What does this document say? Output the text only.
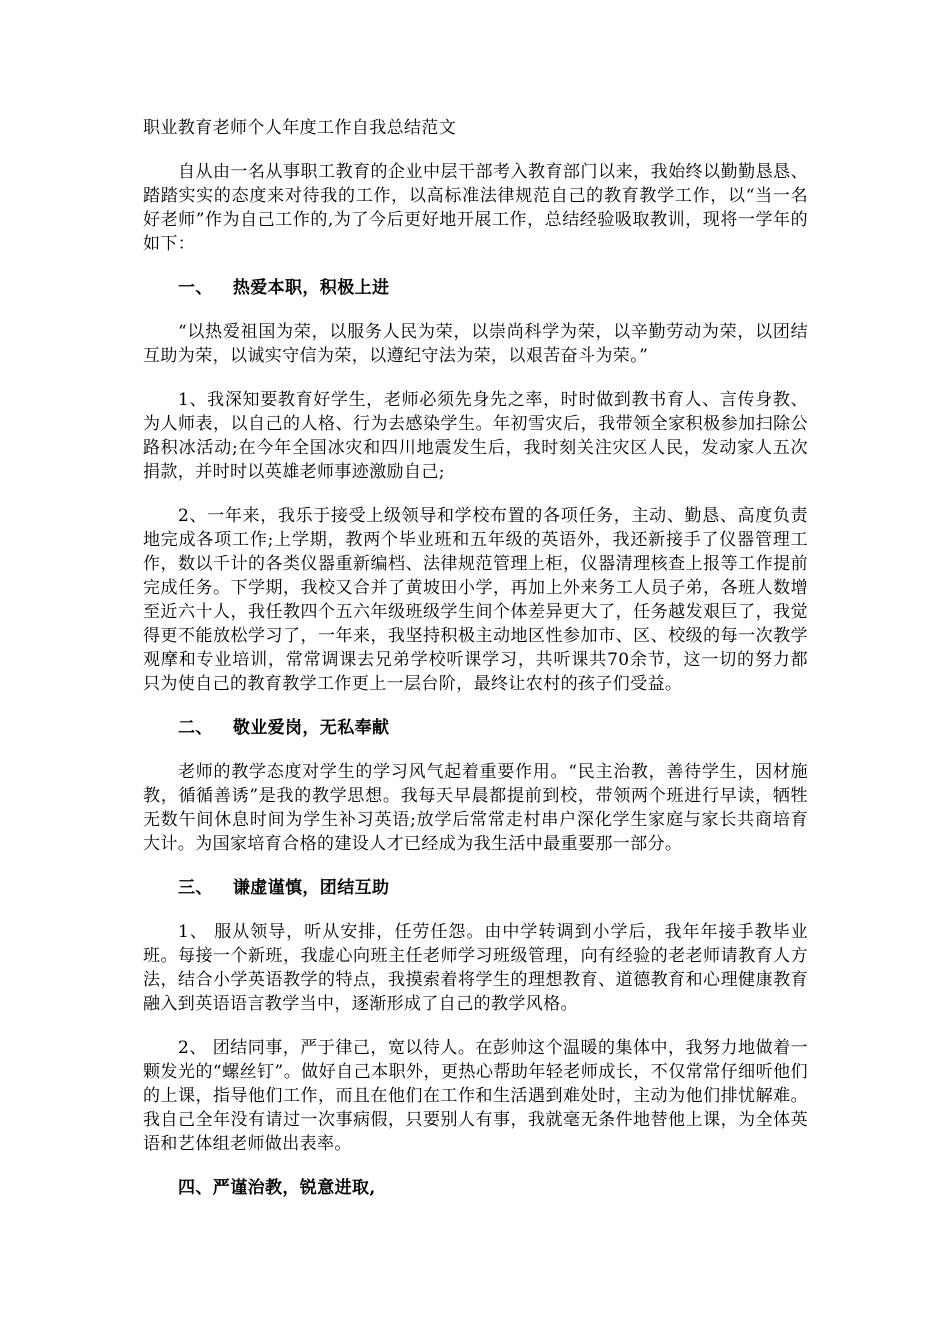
职业教育老师个人年度工作自我总结范文

自从由一名从事职工教育的企业中层干部考入教育部门以来，我始终以勤勤恳恳、踏踏实实的态度来对待我的工作，以高标准法律规范自己的教育教学工作，以“当一名好老师”作为自己工作的,为了今后更好地开展工作，总结经验吸取教训，现将一学年的如下：

一、 热爱本职，积极上进

“以热爱祖国为荣，以服务人民为荣，以崇尚科学为荣，以辛勤劳动为荣，以团结互助为荣，以诚实守信为荣，以遵纪守法为荣，以艰苦奋斗为荣。”

1、我深知要教育好学生，老师必须先身先之率，时时做到教书育人、言传身教、为人师表，以自己的人格、行为去感染学生。年初雪灾后，我带领全家积极参加扫除公路积冰活动;在今年全国冰灾和四川地震发生后，我时刻关注灾区人民，发动家人五次捐款，并时时以英雄老师事迹激励自己;

2、一年来，我乐于接受上级领导和学校布置的各项任务，主动、勤恳、高度负责地完成各项工作;上学期，教两个毕业班和五年级的英语外，我还新接手了仪器管理工作，数以千计的各类仪器重新编档、法律规范管理上柜，仪器清理核查上报等工作提前完成任务。下学期，我校又合并了黄坡田小学，再加上外来务工人员子弟，各班人数增至近六十人，我任教四个五六年级班级学生间个体差异更大了，任务越发艰巨了，我觉得更不能放松学习了，一年来，我坚持积极主动地区性参加市、区、校级的每一次教学观摩和专业培训，常常调课去兄弟学校听课学习，共听课共70余节，这一切的努力都只为使自己的教育教学工作更上一层台阶，最终让农村的孩子们受益。

二、 敬业爱岗，无私奉献

老师的教学态度对学生的学习风气起着重要作用。“民主治教，善待学生，因材施教，循循善诱”是我的教学思想。我每天早晨都提前到校，带领两个班进行早读，牺牲无数午间休息时间为学生补习英语;放学后常常走村串户深化学生家庭与家长共商培育大计。为国家培育合格的建设人才已经成为我生活中最重要那一部分。

三、 谦虚谨慎，团结互助

1、 服从领导，听从安排，任劳任怨。由中学转调到小学后，我年年接手教毕业班。每接一个新班，我虚心向班主任老师学习班级管理，向有经验的老老师请教育人方法，结合小学英语教学的特点，我摸索着将学生的理想教育、道德教育和心理健康教育融入到英语语言教学当中，逐渐形成了自己的教学风格。

2、 团结同事，严于律己，宽以待人。在彭帅这个温暖的集体中，我努力地做着一颗发光的“螺丝钉”。做好自己本职外，更热心帮助年轻老师成长，不仅常常仔细听他们的上课，指导他们工作，而且在他们在工作和生活遇到难处时，主动为他们排忧解难。我自己全年没有请过一次事病假，只要别人有事，我就毫无条件地替他上课，为全体英语和艺体组老师做出表率。

四、严谨治教，锐意进取,
